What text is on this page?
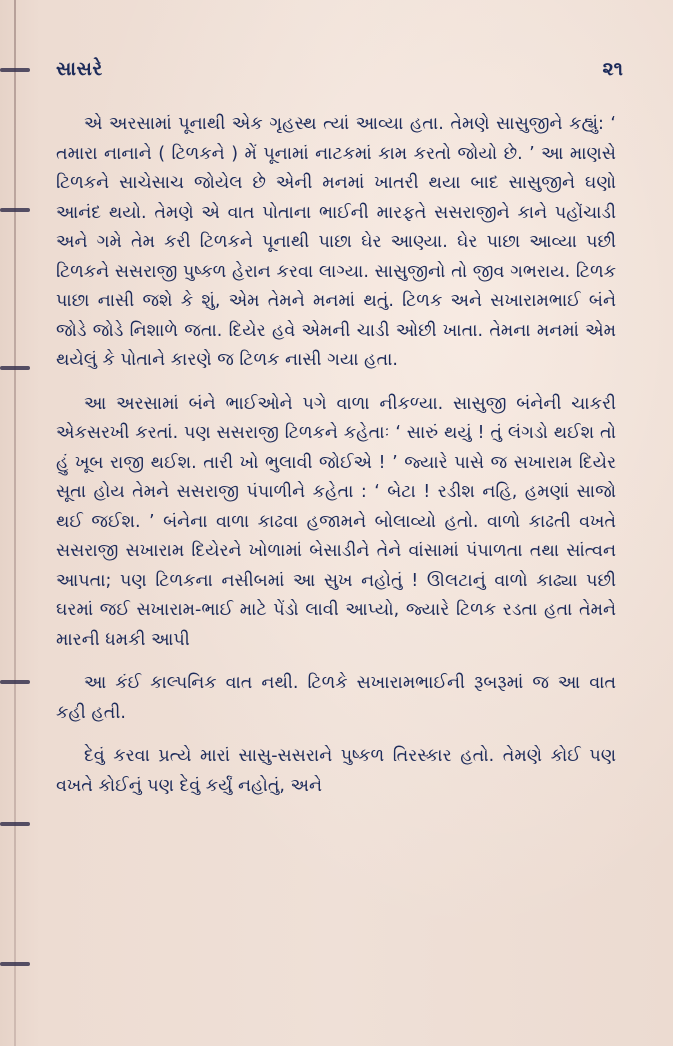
સાસરે	૨૧

એ અરસામાં પૂનાથી એક ગૃહસ્થ ત્યાં આવ્યા હતા. તેમણે સાસુજીને કહ્યું: ‘ તમારા નાનાને ( ટિળકને ) મેં પૂનામાં નાટકમાં કામ કરતો જોયો છે. ’ આ માણસે ટિળકને સાચેસાચ જોયેલ છે એની મનમાં ખાતરી થયા બાદ સાસુજીને ઘણો આનંદ થયો. તેમણે એ વાત પોતાના ભાઈની મારફતે સસરાજીને કાને પહોંચાડી અને ગમે તેમ કરી ટિળકને પૂનાથી પાછા ઘેર આણ્યા. ઘેર પાછા આવ્યા પછી ટિળકને સસરાજી પુષ્કળ હેરાન કરવા લાગ્યા. સાસુજીનો તો જીવ ગભરાય. ટિળક પાછા નાસી જશે કે શું, એમ તેમને મનમાં થતું. ટિળક અને સખારામભાઈ બંને જોડે જોડે નિશાળે જતા. દિયેર હવે એમની ચાડી ઓછી ખાતા. તેમના મનમાં એમ થયેલું કે પોતાને કારણે જ ટિળક નાસી ગયા હતા.

આ અરસામાં બંને ભાઈઓને પગે વાળા નીકળ્યા. સાસુજી બંનેની ચાકરી એકસરખી કરતાં. પણ સસરાજી ટિળકને કહેતાઃ ‘ સારું થયું ! તું લંગડો થઈશ તો હું ખૂબ રાજી થઈશ. તારી ખો ભુલાવી જોઈએ ! ’ જ્યારે પાસે જ સખારામ દિયેર સૂતા હોય તેમને સસરાજી પંપાળીને કહેતા : ‘ બેટા ! રડીશ નહિ, હમણાં સાજો થઈ જઈશ. ’ બંનેના વાળા કાઢવા હજામને બોલાવ્યો હતો. વાળો કાઢતી વખતે સસરાજી સખારામ દિયેરને ખોળામાં બેસાડીને તેને વાંસામાં પંપાળતા તથા સાંત્વન આપતા; પણ ટિળકના નસીબમાં આ સુખ નહોતું ! ઊલટાનું વાળો કાઢ્યા પછી ઘરમાં જઈ સખારામ-ભાઈ માટે પેંડો લાવી આપ્યો, જ્યારે ટિળક રડતા હતા તેમને મારની ધમકી આપી

આ કંઈ કાલ્પનિક વાત નથી. ટિળકે સખારામભાઈની રૂબરૂમાં જ આ વાત કહી હતી.

દેવું કરવા પ્રત્યે મારાં સાસુ-સસરાને પુષ્કળ તિરસ્કાર હતો. તેમણે કોઈ પણ વખતે કોઈનું પણ દેવું કર્યું નહોતું, અને
